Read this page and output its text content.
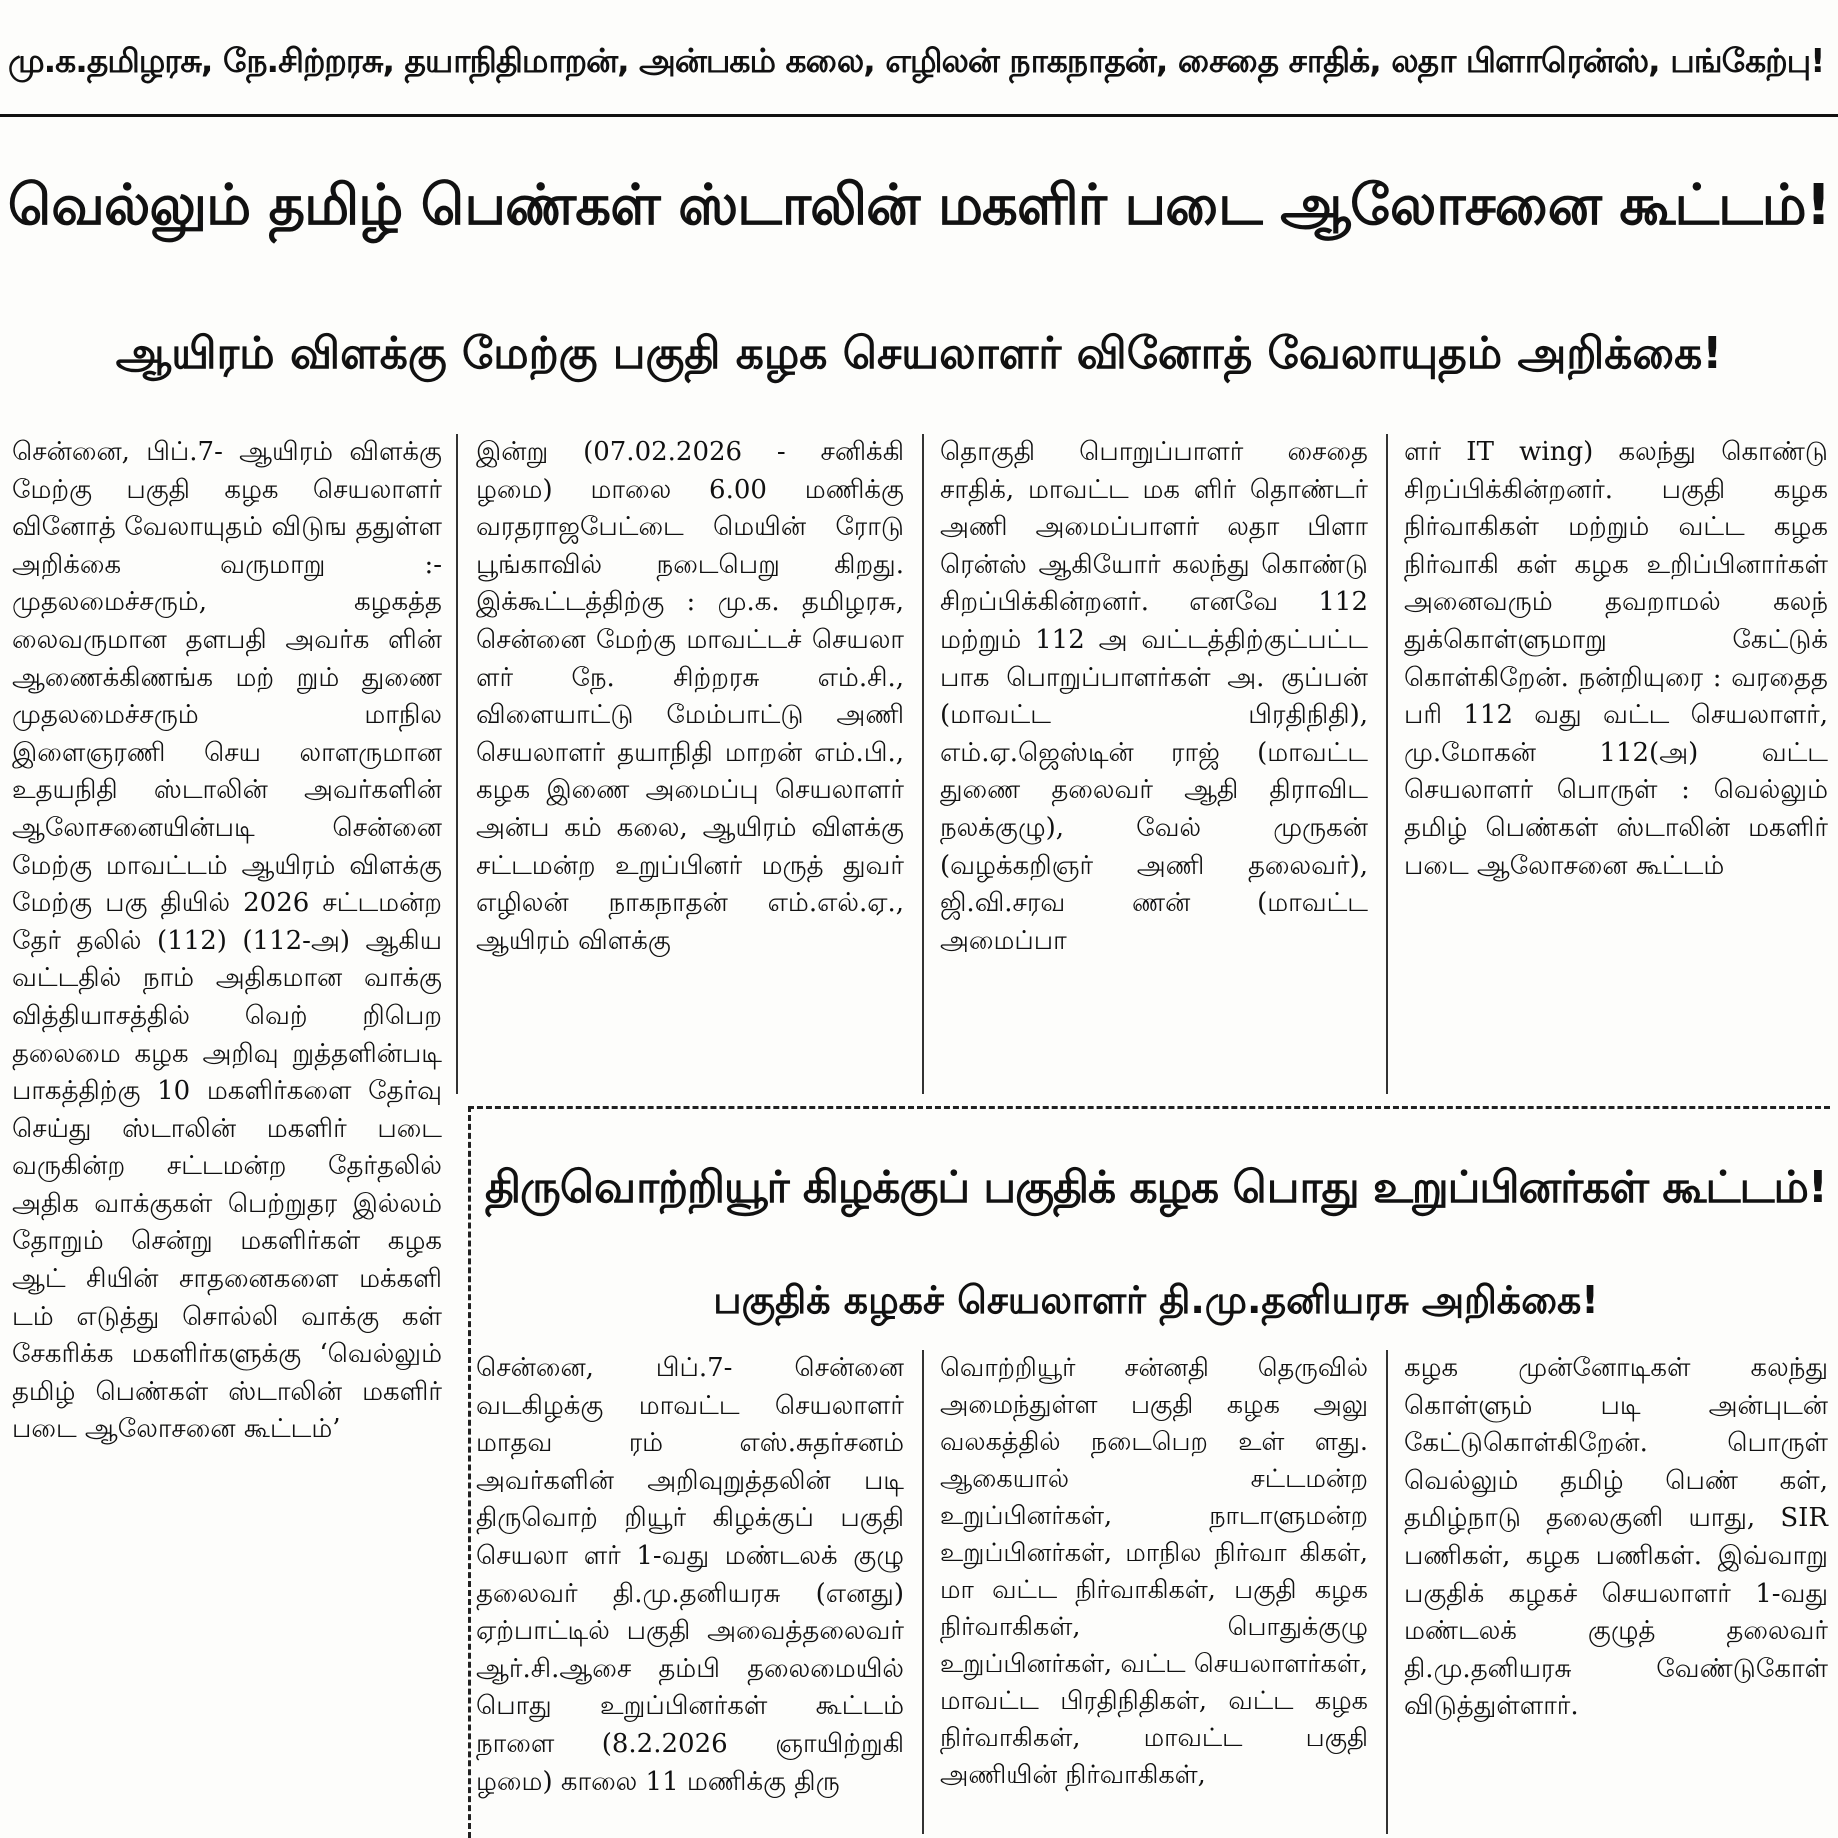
மு.க.தமிழரசு, நே.சிற்றரசு, தயாநிதிமாறன், அன்பகம் கலை, எழிலன் நாகநாதன், சைதை சாதிக், லதா பிளாரென்ஸ், பங்கேற்பு!
வெல்லும் தமிழ் பெண்கள் ஸ்டாலின் மகளிர் படை ஆலோசனை கூட்டம்!
ஆயிரம் விளக்கு மேற்கு பகுதி கழக செயலாளர் வினோத் வேலாயுதம் அறிக்கை!

சென்னை, பிப்.7- ஆயிரம் விளக்கு மேற்கு பகுதி கழக செயலாளர் வினோத் வேலாயுதம் விடுங ததுள்ள அறிக்கை வருமாறு :- முதலமைச்சரும், கழகத்த லைவருமான தளபதி அவர்க ளின் ஆணைக்கிணங்க மற் றும் துணை முதலமைச்சரும் மாநில இளைஞரணி செய லாளருமான உதயநிதி ஸ்டாலின் அவர்களின் ஆலோசனையின்படி சென்னை மேற்கு மாவட்டம் ஆயிரம் விளக்கு மேற்கு பகு தியில் 2026 சட்டமன்ற தேர் தலில் (112) (112-அ) ஆகிய வட்டதில் நாம் அதிகமான வாக்கு வித்தியாசத்தில் வெற் றிபெற தலைமை கழக அறிவு றுத்தளின்படி பாகத்திற்கு 10 மகளிர்களை தேர்வு செய்து ஸ்டாலின் மகளிர் படை வருகின்ற சட்டமன்ற தேர்தலில் அதிக வாக்குகள் பெற்றுதர இல்லம் தோறும் சென்று மகளிர்கள் கழக ஆட் சியின் சாதனைகளை மக்களி டம் எடுத்து சொல்லி வாக்கு கள் சேகரிக்க மகளிர்களுக்கு ‘வெல்லும் தமிழ் பெண்கள் ஸ்டாலின் மகளிர் படை ஆலோசனை கூட்டம்’

இன்று (07.02.2026 - சனிக்கி ழமை) மாலை 6.00 மணிக்கு வரதராஜபேட்டை மெயின் ரோடு பூங்காவில் நடைபெறு கிறது. இக்கூட்டத்திற்கு : மு.க. தமிழரசு, சென்னை மேற்கு மாவட்டச் செயலா ளர் நே. சிற்றரசு எம்.சி., விளையாட்டு மேம்பாட்டு அணி செயலாளர் தயாநிதி மாறன் எம்.பி., கழக இணை அமைப்பு செயலாளர் அன்ப கம் கலை, ஆயிரம் விளக்கு சட்டமன்ற உறுப்பினர் மருத் துவர் எழிலன் நாகநாதன் எம்.எல்.ஏ., ஆயிரம் விளக்கு

தொகுதி பொறுப்பாளர் சைதை சாதிக், மாவட்ட மக ளிர் தொண்டர் அணி அமைப்பாளர் லதா பிளா ரென்ஸ் ஆகியோர் கலந்து கொண்டு சிறப்பிக்கின்றனர். எனவே 112 மற்றும் 112 அ வட்டத்திற்குட்பட்ட பாக பொறுப்பாளர்கள் அ. குப்பன் (மாவட்ட பிரதிநிதி), எம்.ஏ.ஜெஸ்டின் ராஜ் (மாவட்ட துணை தலைவர் ஆதி திராவிட நலக்குழு), வேல் முருகன் (வழக்கறிஞர் அணி தலைவர்), ஜி.வி.சரவ ணன் (மாவட்ட அமைப்பா

ளர் IT wing) கலந்து கொண்டு சிறப்பிக்கின்றனர். பகுதி கழக நிர்வாகிகள் மற்றும் வட்ட கழக நிர்வாகி கள் கழக உறிப்பினார்கள் அனைவரும் தவறாமல் கலந் துக்கொள்ளுமாறு கேட்டுக் கொள்கிறேன். நன்றியுரை : வரதைத பரி 112 வது வட்ட செயலாளர், மு.மோகன் 112(அ) வட்ட செயலாளர் பொருள் : வெல்லும் தமிழ் பெண்கள் ஸ்டாலின் மகளிர் படை ஆலோசனை கூட்டம்

திருவொற்றியூர் கிழக்குப் பகுதிக் கழக பொது உறுப்பினர்கள் கூட்டம்!
பகுதிக் கழகச் செயலாளர் தி.மு.தனியரசு அறிக்கை!

சென்னை, பிப்.7- சென்னை வடகிழக்கு மாவட்ட செயலாளர் மாதவ ரம் எஸ்.சுதர்சனம் அவர்களின் அறிவுறுத்தலின் படி திருவொற் றியூர் கிழக்குப் பகுதி செயலா ளர் 1-வது மண்டலக் குழு தலைவர் தி.மு.தனியரசு (எனது) ஏற்பாட்டில் பகுதி அவைத்தலைவர் ஆர்.சி.ஆசை தம்பி தலைமையில் பொது உறுப்பினர்கள் கூட்டம் நாளை (8.2.2026 ஞாயிற்றுகி ழமை) காலை 11 மணிக்கு திரு

வொற்றியூர் சன்னதி தெருவில் அமைந்துள்ள பகுதி கழக அலு வலகத்தில் நடைபெற உள் ளது. ஆகையால் சட்டமன்ற உறுப்பினர்கள், நாடாளுமன்ற உறுப்பினர்கள், மாநில நிர்வா கிகள், மா வட்ட நிர்வாகிகள், பகுதி கழக நிர்வாகிகள், பொதுக்குழு உறுப்பினர்கள், வட்ட செயலாளர்கள், மாவட்ட பிரதிநிதிகள், வட்ட கழக நிர்வாகிகள், மாவட்ட பகுதி அணியின் நிர்வாகிகள்,

கழக முன்னோடிகள் கலந்து கொள்ளும் படி அன்புடன் கேட்டுகொள்கிறேன். பொருள் வெல்லும் தமிழ் பெண் கள், தமிழ்நாடு தலைகுனி யாது, SIR பணிகள், கழக பணிகள். இவ்வாறு பகுதிக் கழகச் செயலாளர் 1-வது மண்டலக் குழுத் தலைவர் தி.மு.தனியரசு வேண்டுகோள் விடுத்துள்ளார்.
